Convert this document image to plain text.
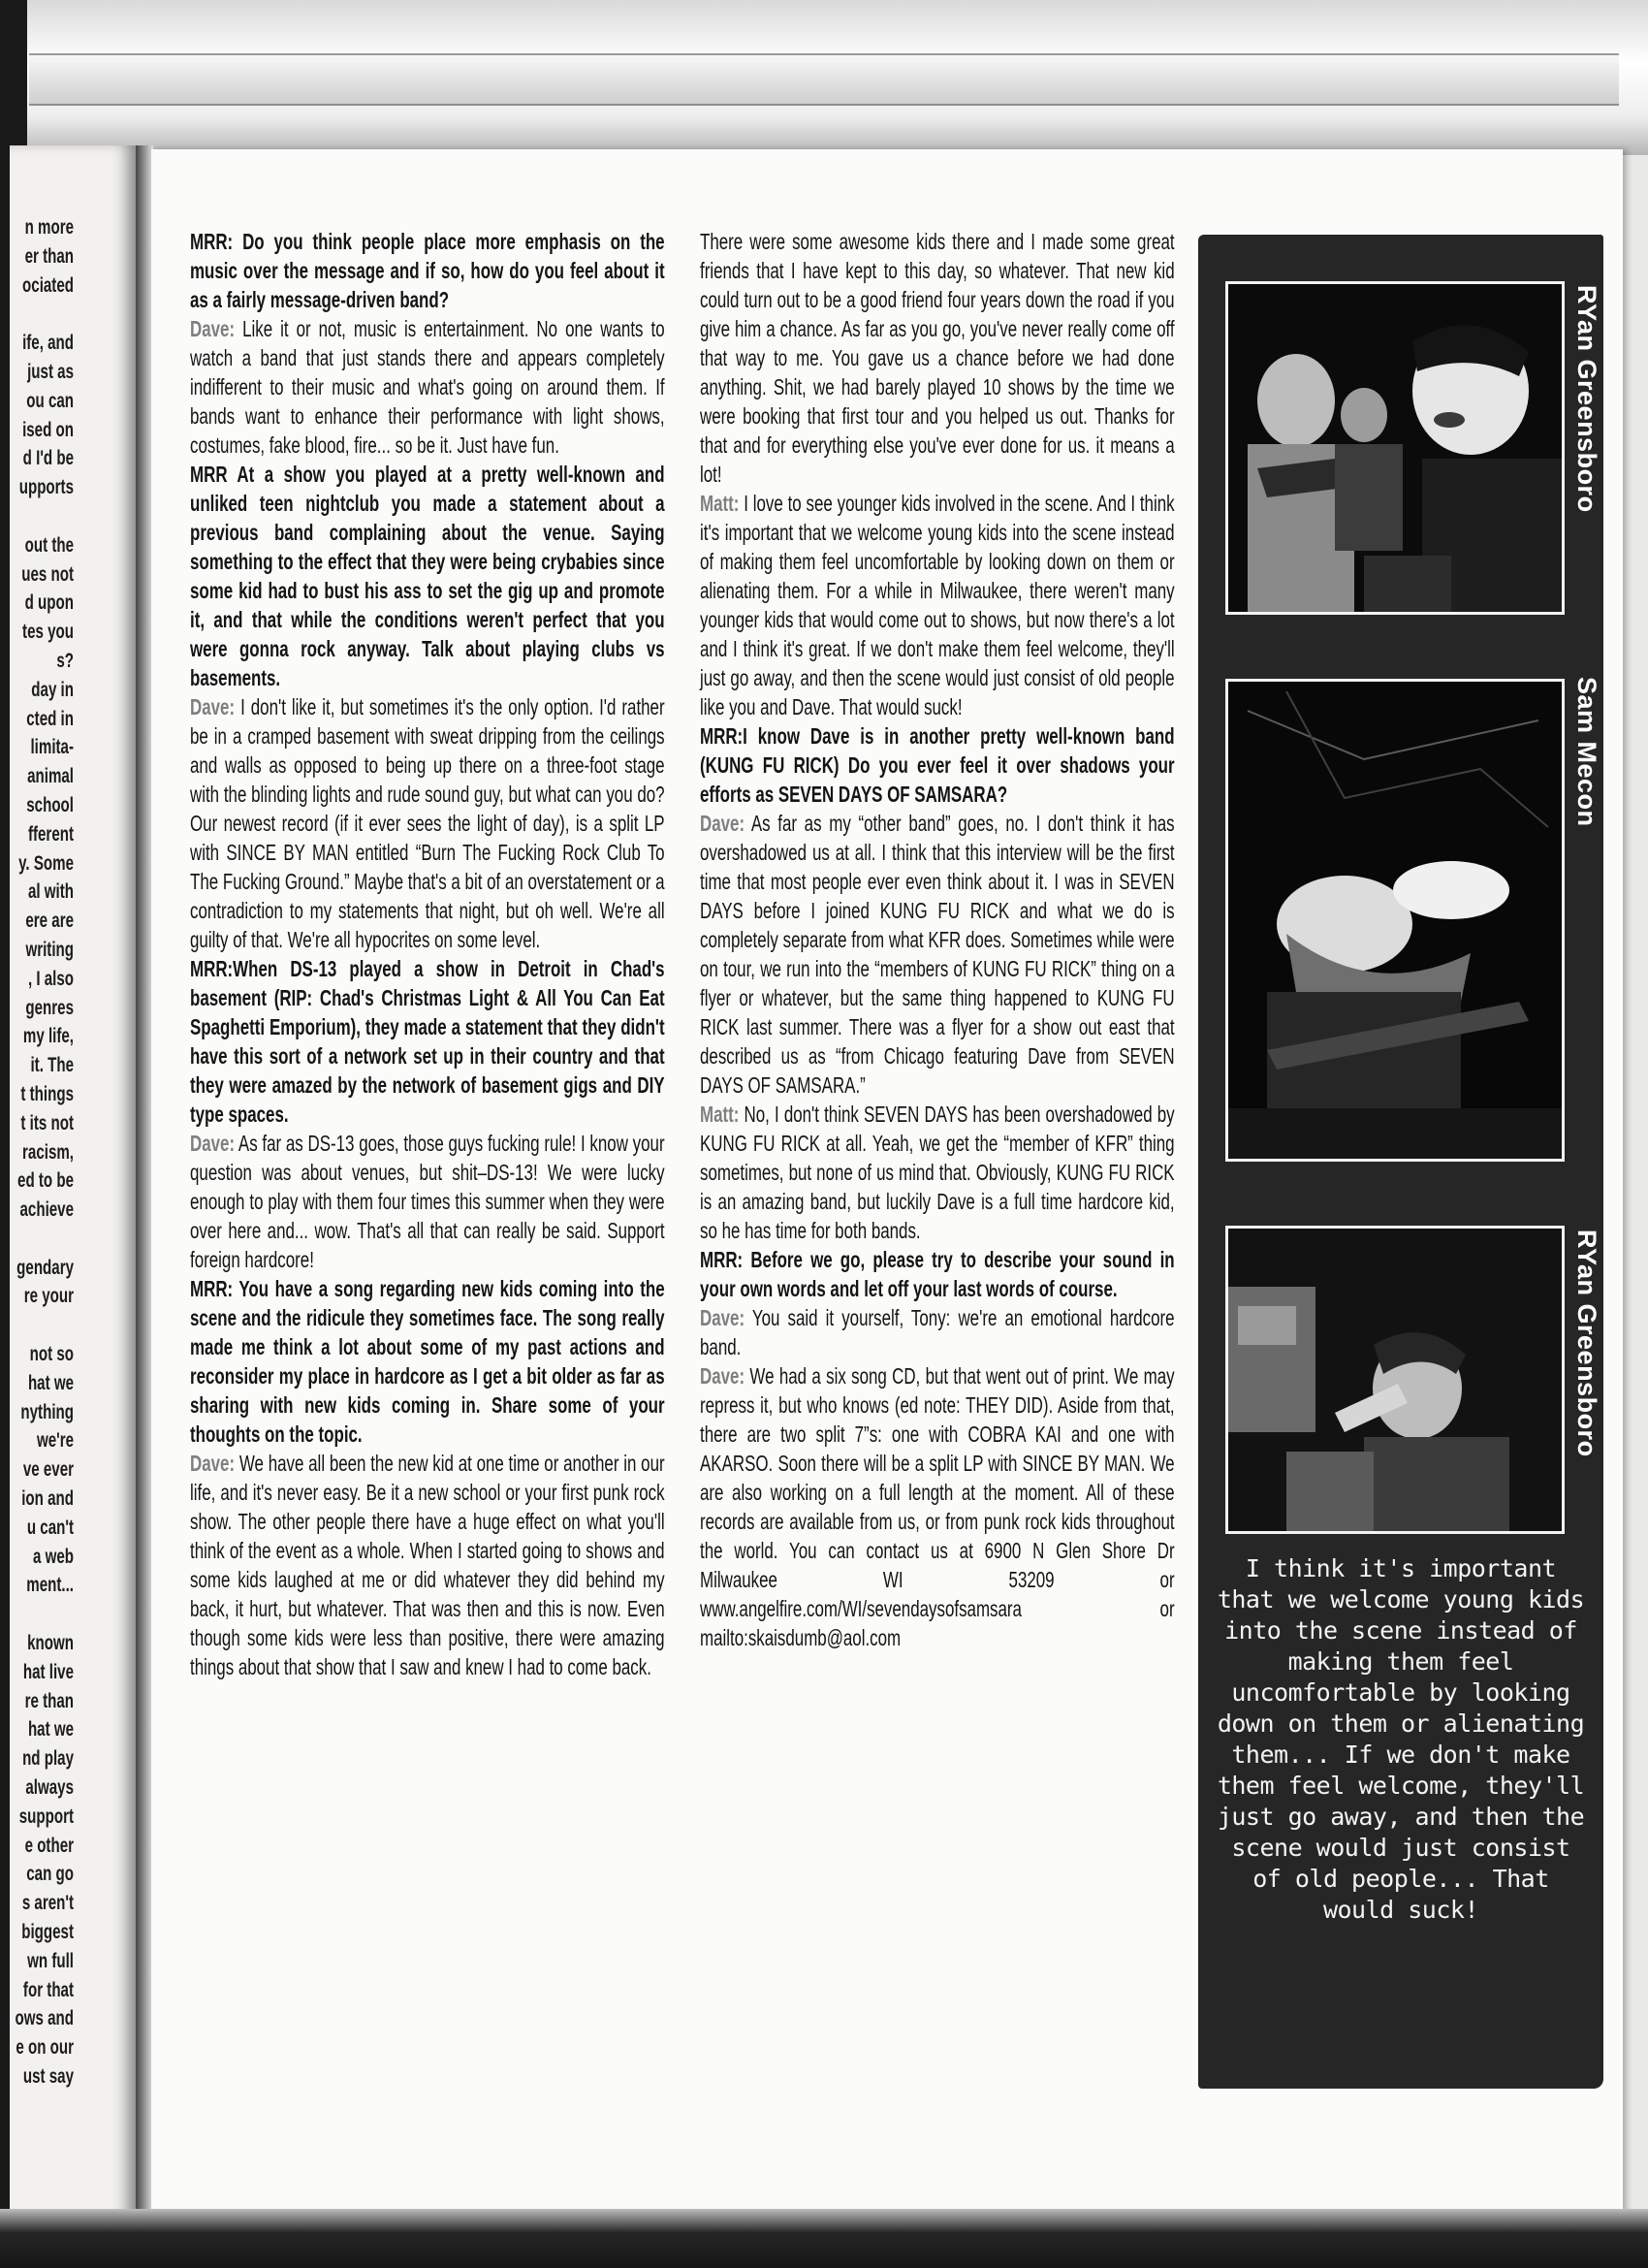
n more
er than
ociated
ife, and
just as
ou can
ised on
d I'd be
upports
out the
ues not
d upon
tes you
s?
day in
cted in
limita-
animal
school
fferent
y. Some
al with
ere are
writing
, I also
genres
my life,
it. The
t things
t its not
racism,
ed to be
achieve
gendary
re your
not so
hat we
nything
we're
ve ever
ion and
u can't
a web
ment...
known
hat live
re than
hat we
nd play
always
support
e other
can go
s aren't
biggest
wn full
for that
ows and
e on our
ust say

MRR: Do you think people place more emphasis on the music over the message and if so, how do you feel about it as a fairly message-driven band?

Dave: Like it or not, music is entertainment. No one wants to watch a band that just stands there and appears completely indifferent to their music and what's going on around them. If bands want to enhance their performance with light shows, costumes, fake blood, fire... so be it. Just have fun.

MRR At a show you played at a pretty well-known and unliked teen nightclub you made a statement about a previous band complaining about the venue. Saying something to the effect that they were being crybabies since some kid had to bust his ass to set the gig up and promote it, and that while the conditions weren't perfect that you were gonna rock anyway. Talk about playing clubs vs basements.

Dave: I don't like it, but sometimes it's the only option. I'd rather be in a cramped basement with sweat dripping from the ceilings and walls as opposed to being up there on a three-foot stage with the blinding lights and rude sound guy, but what can you do? Our newest record (if it ever sees the light of day), is a split LP with SINCE BY MAN entitled “Burn The Fucking Rock Club To The Fucking Ground.” Maybe that's a bit of an overstatement or a contradiction to my statements that night, but oh well. We're all guilty of that. We're all hypocrites on some level.

MRR:When DS-13 played a show in Detroit in Chad's basement (RIP: Chad's Christmas Light & All You Can Eat Spaghetti Emporium), they made a statement that they didn't have this sort of a network set up in their country and that they were amazed by the network of basement gigs and DIY type spaces.

Dave: As far as DS-13 goes, those guys fucking rule! I know your question was about venues, but shit–DS-13! We were lucky enough to play with them four times this summer when they were over here and... wow. That's all that can really be said. Support foreign hardcore!

MRR: You have a song regarding new kids coming into the scene and the ridicule they sometimes face. The song really made me think a lot about some of my past actions and reconsider my place in hardcore as I get a bit older as far as sharing with new kids coming in. Share some of your thoughts on the topic.

Dave: We have all been the new kid at one time or another in our life, and it's never easy. Be it a new school or your first punk rock show. The other people there have a huge effect on what you'll think of the event as a whole. When I started going to shows and some kids laughed at me or did whatever they did behind my back, it hurt, but whatever. That was then and this is now. Even though some kids were less than positive, there were amazing things about that show that I saw and knew I had to come back.

There were some awesome kids there and I made some great friends that I have kept to this day, so whatever. That new kid could turn out to be a good friend four years down the road if you give him a chance. As far as you go, you've never really come off that way to me. You gave us a chance before we had done anything. Shit, we had barely played 10 shows by the time we were booking that first tour and you helped us out. Thanks for that and for everything else you've ever done for us. it means a lot!

Matt: I love to see younger kids involved in the scene. And I think it's important that we welcome young kids into the scene instead of making them feel uncomfortable by looking down on them or alienating them. For a while in Milwaukee, there weren't many younger kids that would come out to shows, but now there's a lot and I think it's great. If we don't make them feel welcome, they'll just go away, and then the scene would just consist of old people like you and Dave. That would suck!

MRR:I know Dave is in another pretty well-known band (KUNG FU RICK) Do you ever feel it over shadows your efforts as SEVEN DAYS OF SAMSARA?

Dave: As far as my “other band” goes, no. I don't think it has overshadowed us at all. I think that this interview will be the first time that most people ever even think about it. I was in SEVEN DAYS before I joined KUNG FU RICK and what we do is completely separate from what KFR does. Sometimes while were on tour, we run into the “members of KUNG FU RICK” thing on a flyer or whatever, but the same thing happened to KUNG FU RICK last summer. There was a flyer for a show out east that described us as “from Chicago featuring Dave from SEVEN DAYS OF SAMSARA.”

Matt: No, I don't think SEVEN DAYS has been overshadowed by KUNG FU RICK at all. Yeah, we get the “member of KFR” thing sometimes, but none of us mind that. Obviously, KUNG FU RICK is an amazing band, but luckily Dave is a full time hardcore kid, so he has time for both bands.

MRR: Before we go, please try to describe your sound in your own words and let off your last words of course.

Dave: You said it yourself, Tony: we're an emotional hardcore band.

Dave: We had a six song CD, but that went out of print. We may repress it, but who knows (ed note: THEY DID). Aside from that, there are two split 7”s: one with COBRA KAI and one with AKARSO. Soon there will be a split LP with SINCE BY MAN. We are also working on a full length at the moment. All of these records are available from us, or from punk rock kids throughout the world. You can contact us at 6900 N Glen Shore Dr Milwaukee WI 53209 or www.angelfire.com/WI/sevendaysofsamsara or mailto:skaisdumb@aol.com

RYan Greensboro
Sam Mecon
RYan Greensboro
I think it's important that we welcome young kids into the scene instead of making them feel uncomfortable by looking down on them or alienating them... If we don't make them feel welcome, they'll just go away, and then the scene would just consist of old people... That would suck!
